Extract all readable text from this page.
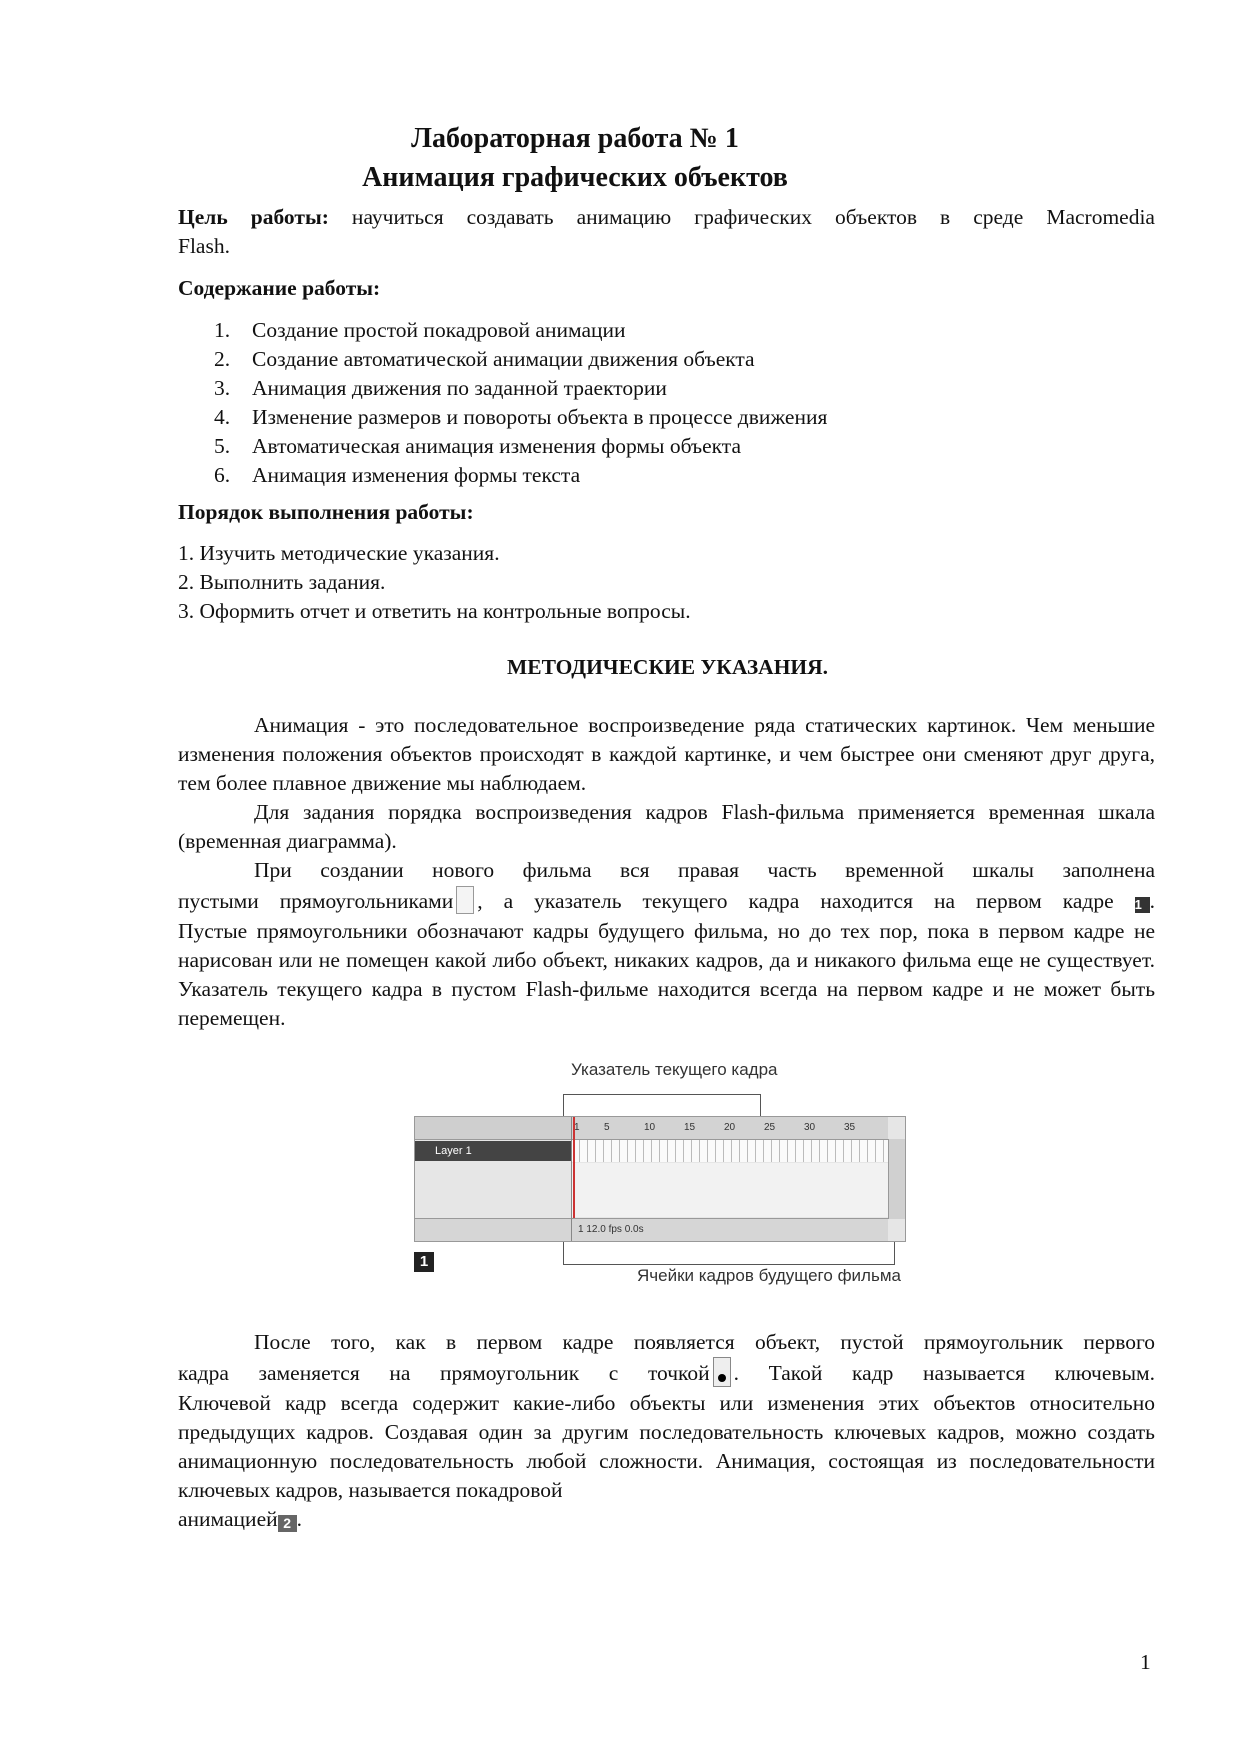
Лабораторная работа № 1
Анимация графических объектов
Цель работы: научиться создавать анимацию графических объектов в среде Macromedia
Flash.
Содержание работы:
1. Создание простой покадровой анимации
2. Создание автоматической анимации движения объекта
3. Анимация движения по заданной траектории
4. Изменение размеров и повороты объекта в процессе движения
5. Автоматическая анимация изменения формы объекта
6. Анимация изменения формы текста
Порядок выполнения работы:
1. Изучить методические указания.
2. Выполнить задания.
3. Оформить отчет и ответить на контрольные вопросы.
МЕТОДИЧЕСКИЕ УКАЗАНИЯ.
Анимация - это последовательное воспроизведение ряда статических картинок. Чем меньшие изменения положения объектов происходят в каждой картинке, и чем быстрее они сменяют друг друга, тем более плавное движение мы наблюдаем.
Для задания порядка воспроизведения кадров Flash-фильма применяется временная шкала (временная диаграмма).
При создании нового фильма вся правая часть временной шкалы заполнена
пустыми прямоугольниками , а указатель текущего кадра находится на первом кадре 1 .
Пустые прямоугольники обозначают кадры будущего фильма, но до тех пор, пока в первом кадре не нарисован или не помещен какой либо объект, никаких кадров, да и никакого фильма еще не существует. Указатель текущего кадра в пустом Flash-фильме находится всегда на первом кадре и не может быть перемещен.
Указатель текущего кадра
Layer 1
1 5	10	15	20	25	30	35
1 12.0 fps 0.0s
Ячейки кадров будущего фильма
1
После того, как в первом кадре появляется объект, пустой прямоугольник первого
кадра заменяется на прямоугольник с точкой . Такой кадр называется ключевым.
Ключевой кадр всегда содержит какие-либо объекты или изменения этих объектов относительно предыдущих кадров. Создавая один за другим последовательность ключевых кадров, можно создать анимационную последовательность любой сложности. Анимация, состоящая из последовательности ключевых кадров, называется покадровой
анимацией 2 .
1
